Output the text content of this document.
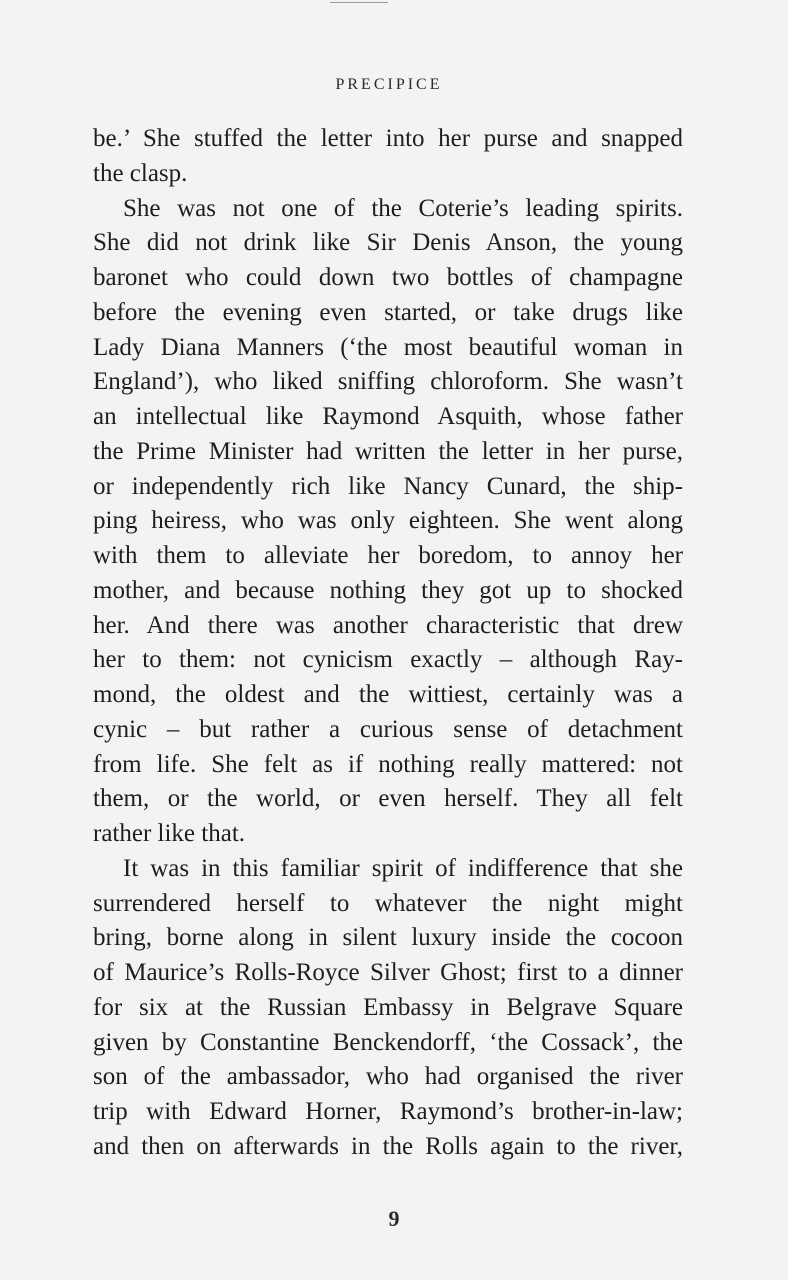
PRECIPICE
be.’ She stuffed the letter into her purse and snapped
the clasp.
She was not one of the Coterie’s leading spirits.
She did not drink like Sir Denis Anson, the young
baronet who could down two bottles of champagne
before the evening even started, or take drugs like
Lady Diana Manners (‘the most beautiful woman in
England’), who liked sniffing chloroform. She wasn’t
an intellectual like Raymond Asquith, whose father
the Prime Minister had written the letter in her purse,
or independently rich like Nancy Cunard, the ship-
ping heiress, who was only eighteen. She went along
with them to alleviate her boredom, to annoy her
mother, and because nothing they got up to shocked
her. And there was another characteristic that drew
her to them: not cynicism exactly – although Ray-
mond, the oldest and the wittiest, certainly was a
cynic – but rather a curious sense of detachment
from life. She felt as if nothing really mattered: not
them, or the world, or even herself. They all felt
rather like that.
It was in this familiar spirit of indifference that she
surrendered herself to whatever the night might
bring, borne along in silent luxury inside the cocoon
of Maurice’s Rolls-Royce Silver Ghost; first to a dinner
for six at the Russian Embassy in Belgrave Square
given by Constantine Benckendorff, ‘the Cossack’, the
son of the ambassador, who had organised the river
trip with Edward Horner, Raymond’s brother-in-law;
and then on afterwards in the Rolls again to the river,
9
